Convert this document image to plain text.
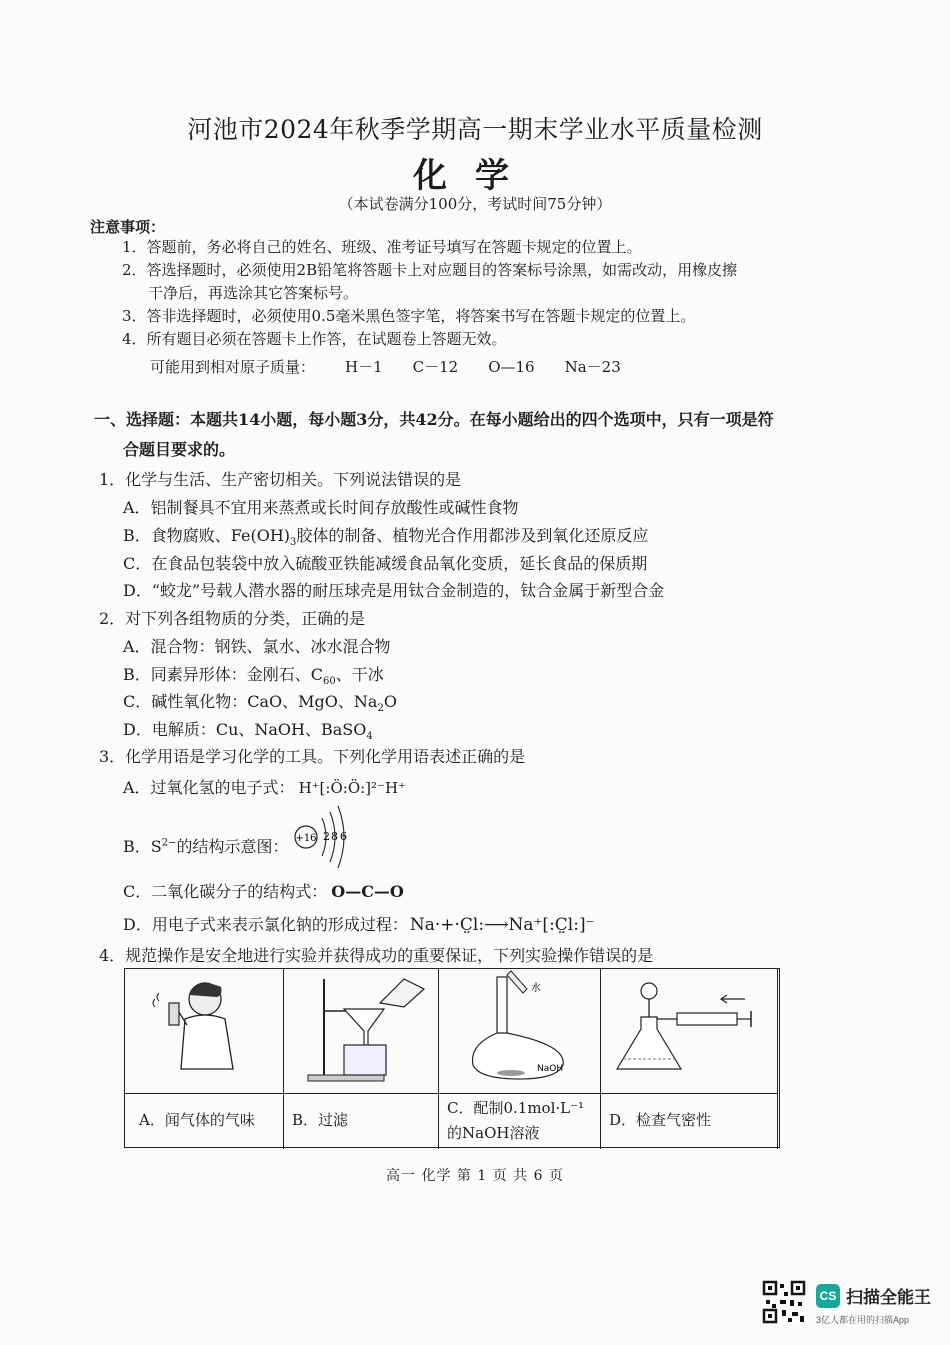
河池市2024年秋季学期高一期末学业水平质量检测
化学
（本试卷满分100分，考试时间75分钟）
注意事项：
1．答题前，务必将自己的姓名、班级、准考证号填写在答题卡规定的位置上。
2．答选择题时，必须使用2B铅笔将答题卡上对应题目的答案标号涂黑，如需改动，用橡皮擦
干净后，再选涂其它答案标号。
3．答非选择题时，必须使用0.5毫米黑色签字笔，将答案书写在答题卡规定的位置上。
4．所有题目必须在答题卡上作答，在试题卷上答题无效。
可能用到相对原子质量： H－1 C－12 O—16 Na－23
一、选择题：本题共14小题，每小题3分，共42分。在每小题给出的四个选项中，只有一项是符
合题目要求的。
1．化学与生活、生产密切相关。下列说法错误的是
A．铝制餐具不宜用来蒸煮或长时间存放酸性或碱性食物
B．食物腐败、$Fe(OH)_3$胶体的制备、植物光合作用都涉及到氧化还原反应
C．在食品包装袋中放入硫酸亚铁能减缓食品氧化变质，延长食品的保质期
D．“蛟龙”号载人潜水器的耐压球壳是用钛合金制造的，钛合金属于新型合金
2．对下列各组物质的分类，正确的是
A．混合物：钢铁、氯水、冰水混合物
B．同素异形体：金刚石、$C_{60}$、干冰
C．碱性氧化物：CaO、MgO、$Na_2O$
D．电解质：Cu、NaOH、BaSO$_4$
3．化学用语是学习化学的工具。下列化学用语表述正确的是
A．过氧化氢的电子式： H⁺[:Ö:Ö:]²⁻H⁺
B．$S^{2-}$的结构示意图： +16 2 8 6
C．二氧化碳分子的结构式： O—C—O
D．用电子式来表示氯化钠的形成过程： Na·+·C̤l:⟶Na⁺[:C̤l:]⁻
4．规范操作是安全地进行实验并获得成功的重要保证，下列实验操作错误的是
A．闻气体的气味 B．过滤
水
NaOH
C．配制0.1mol·L⁻¹
的NaOH溶液
D．检查气密性
高一 化学 第 1 页 共 6 页
CS 扫描全能王
3亿人都在用的扫描App
